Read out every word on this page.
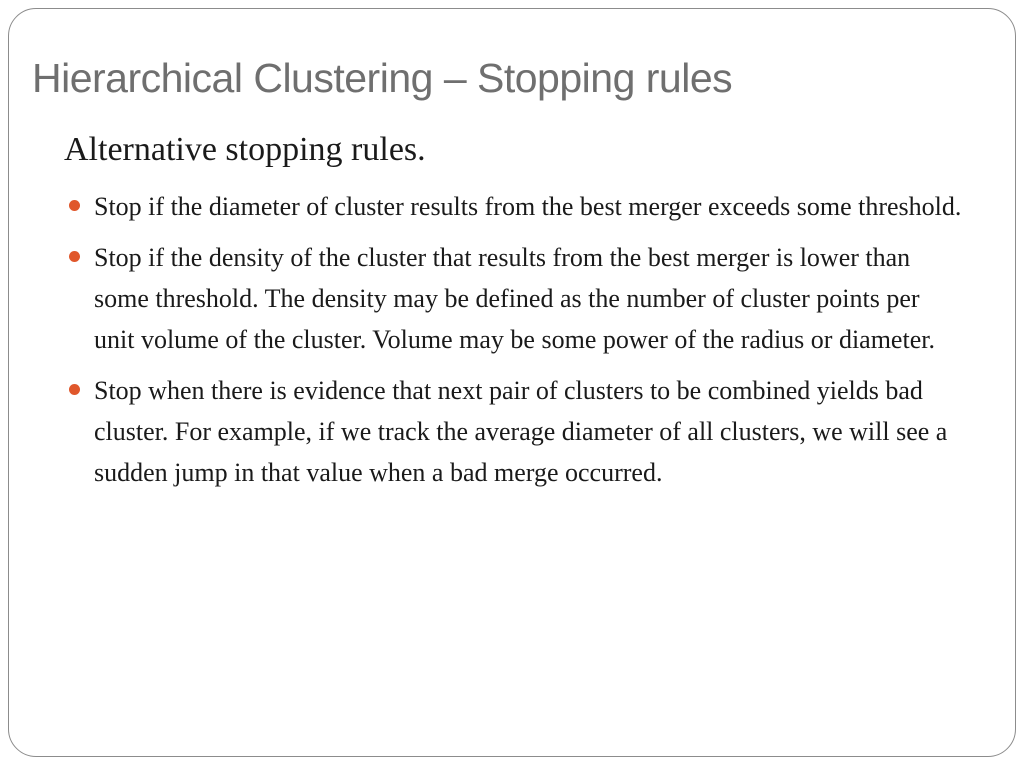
Hierarchical Clustering – Stopping rules

Alternative stopping rules.

Stop if the diameter of cluster results from the best merger exceeds some threshold.
Stop if the density of the cluster that results from the best merger is lower than some threshold. The density may be defined as the number of cluster points per unit volume of the cluster. Volume may be some power of the radius or diameter.
Stop when there is evidence that next pair of clusters to be combined yields bad cluster. For example, if we track the average diameter of all clusters, we will see a sudden jump in that value when a bad merge occurred.
